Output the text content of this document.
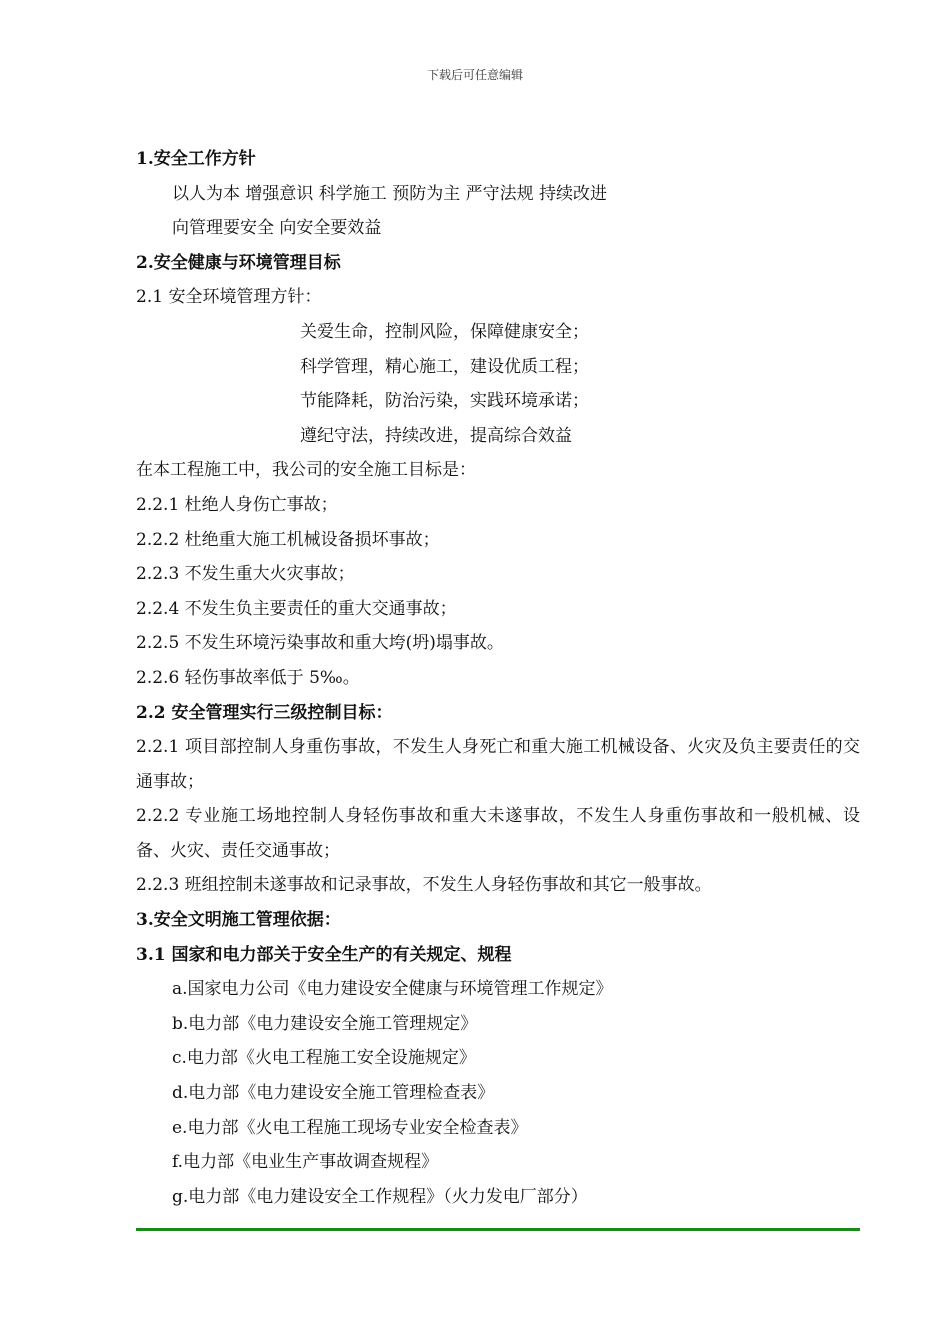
下载后可任意编辑
1.安全工作方针
以人为本 增强意识 科学施工 预防为主 严守法规 持续改进
向管理要安全 向安全要效益
2.安全健康与环境管理目标
2.1 安全环境管理方针：
关爱生命，控制风险，保障健康安全；
科学管理，精心施工，建设优质工程；
节能降耗，防治污染，实践环境承诺；
遵纪守法，持续改进，提高综合效益
在本工程施工中，我公司的安全施工目标是：
2.2.1 杜绝人身伤亡事故；
2.2.2 杜绝重大施工机械设备损坏事故；
2.2.3 不发生重大火灾事故；
2.2.4 不发生负主要责任的重大交通事故；
2.2.5 不发生环境污染事故和重大垮(坍)塌事故。
2.2.6 轻伤事故率低于 5‰。
2.2 安全管理实行三级控制目标：
2.2.1 项目部控制人身重伤事故，不发生人身死亡和重大施工机械设备、火灾及负主要责任的交通事故；
2.2.2 专业施工场地控制人身轻伤事故和重大未遂事故，不发生人身重伤事故和一般机械、设备、火灾、责任交通事故；
2.2.3 班组控制未遂事故和记录事故，不发生人身轻伤事故和其它一般事故。
3.安全文明施工管理依据：
3.1 国家和电力部关于安全生产的有关规定、规程
a.国家电力公司《电力建设安全健康与环境管理工作规定》
b.电力部《电力建设安全施工管理规定》
c.电力部《火电工程施工安全设施规定》
d.电力部《电力建设安全施工管理检查表》
e.电力部《火电工程施工现场专业安全检查表》
f.电力部《电业生产事故调查规程》
g.电力部《电力建设安全工作规程》（火力发电厂部分）
